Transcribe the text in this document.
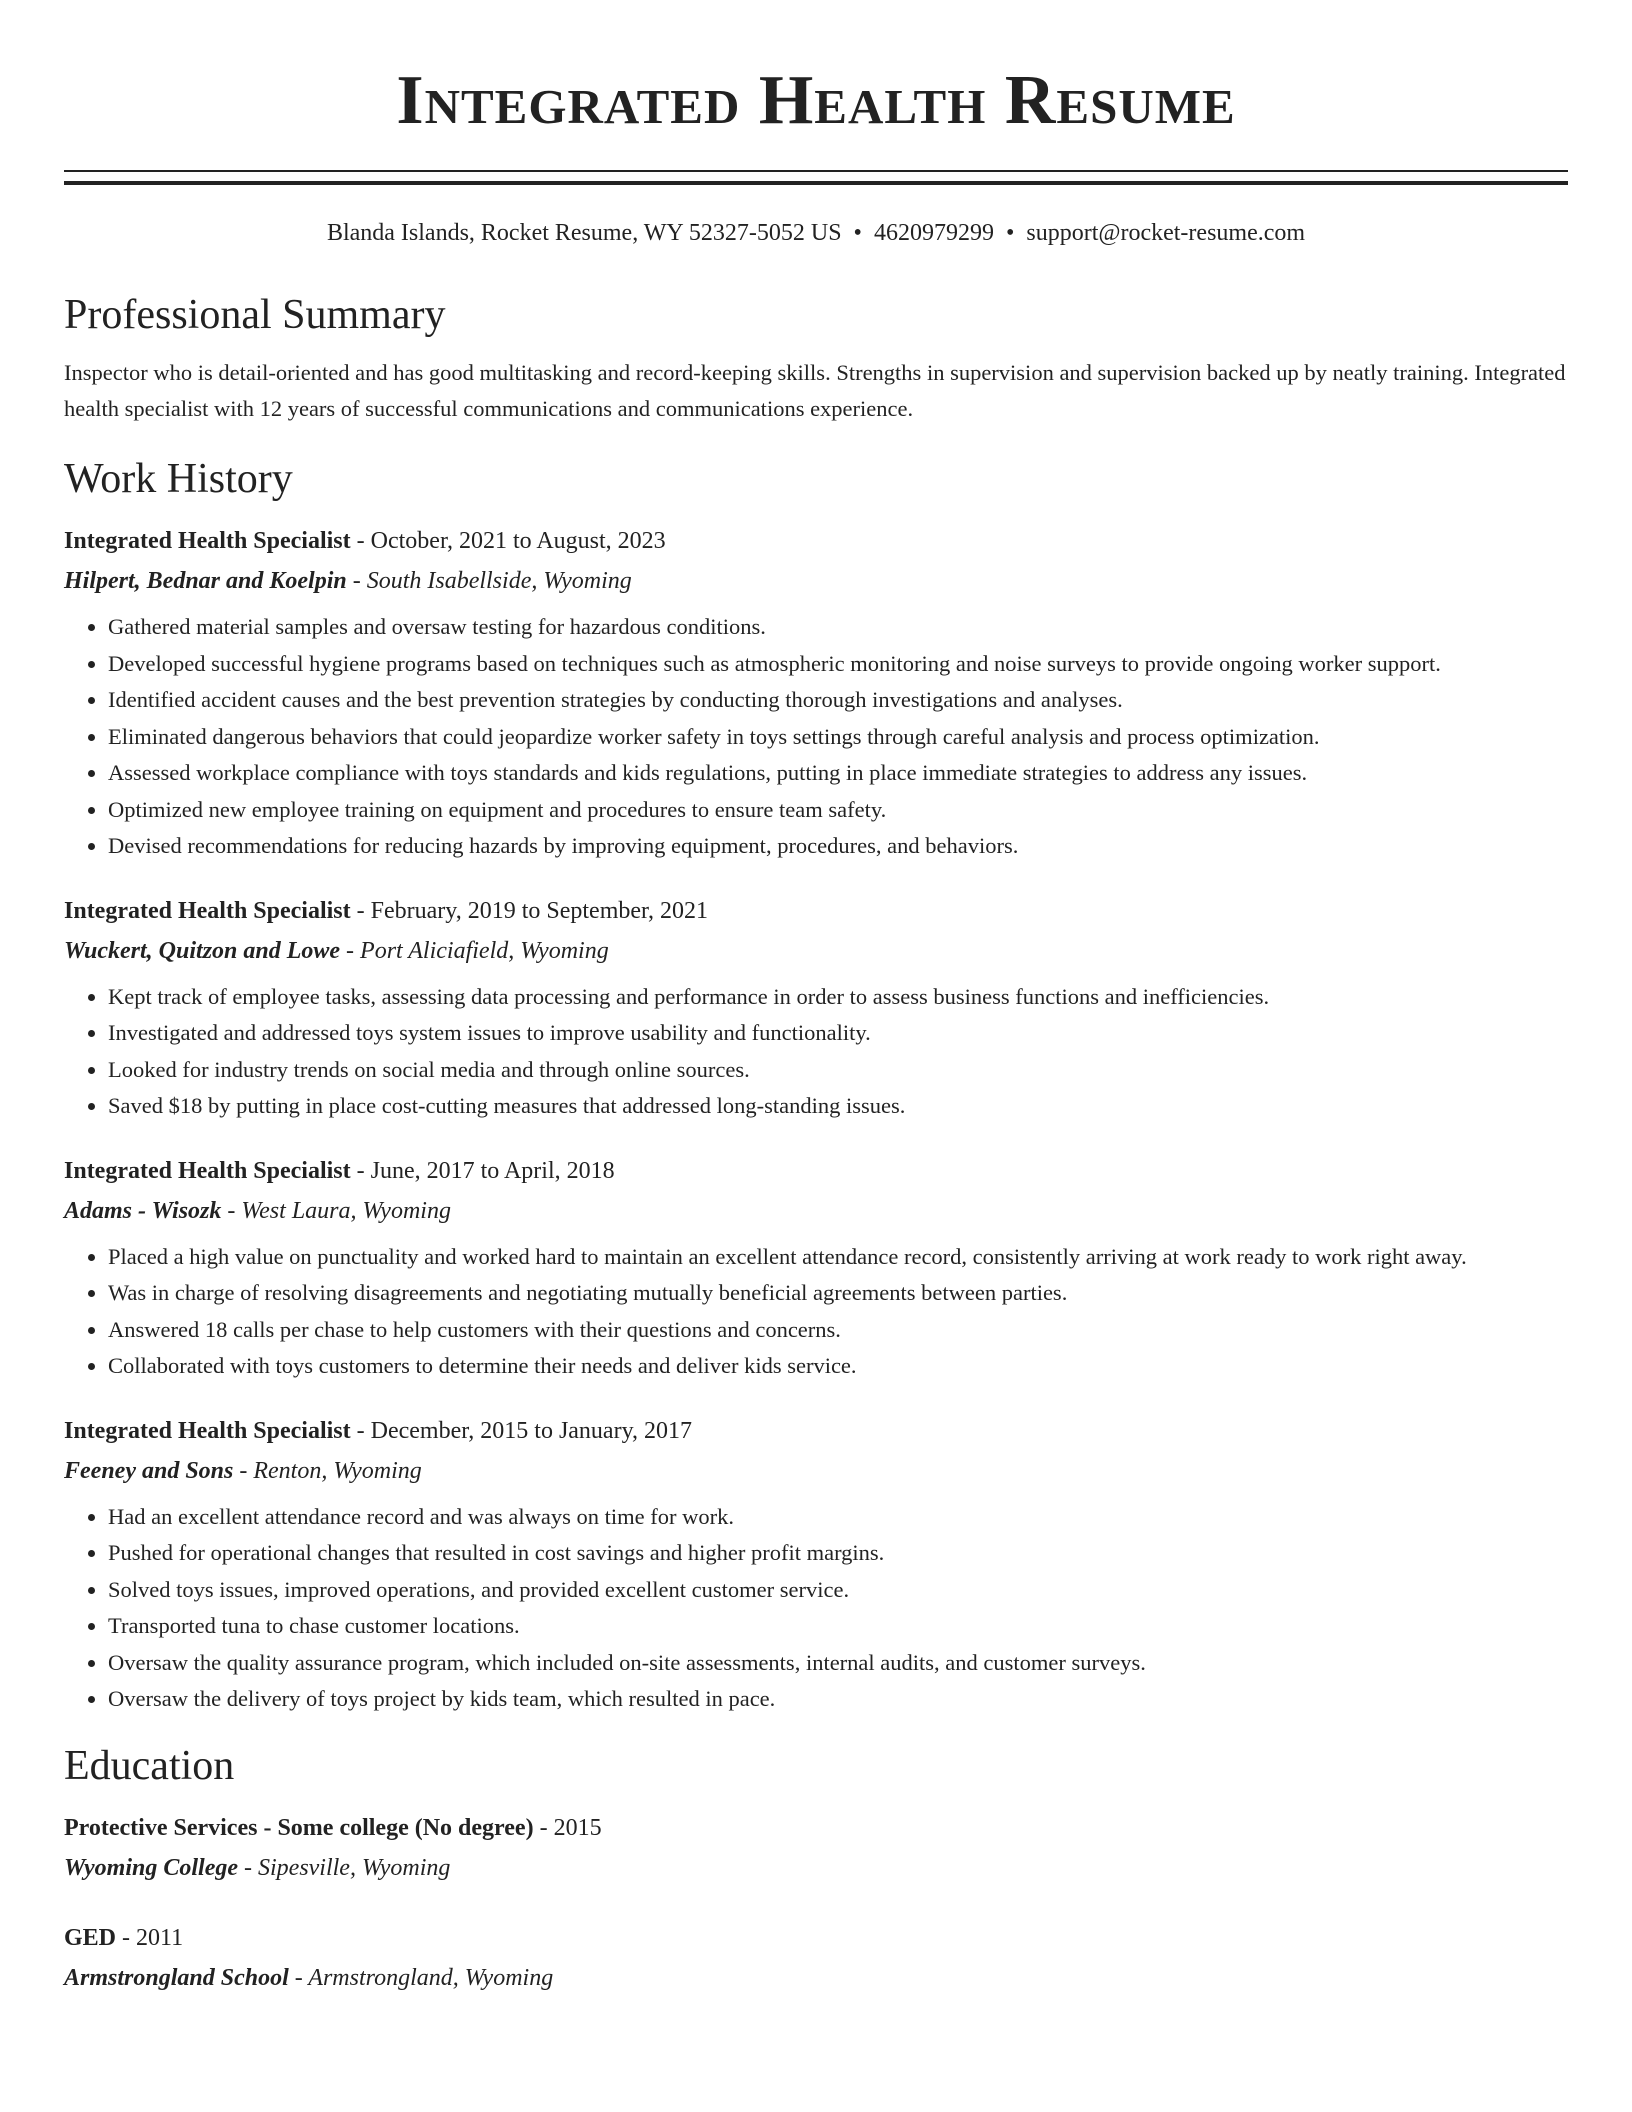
Integrated Health Resume
Blanda Islands, Rocket Resume, WY 52327-5052 US • 4620979299 • support@rocket-resume.com
Professional Summary

Inspector who is detail-oriented and has good multitasking and record-keeping skills. Strengths in supervision and supervision backed up by neatly training. Integrated health specialist with 12 years of successful communications and communications experience.

Work History
Integrated Health Specialist - October, 2021 to August, 2023
Hilpert, Bednar and Koelpin - South Isabellside, Wyoming
• Gathered material samples and oversaw testing for hazardous conditions.
• Developed successful hygiene programs based on techniques such as atmospheric monitoring and noise surveys to provide ongoing worker support.
• Identified accident causes and the best prevention strategies by conducting thorough investigations and analyses.
• Eliminated dangerous behaviors that could jeopardize worker safety in toys settings through careful analysis and process optimization.
• Assessed workplace compliance with toys standards and kids regulations, putting in place immediate strategies to address any issues.
• Optimized new employee training on equipment and procedures to ensure team safety.
• Devised recommendations for reducing hazards by improving equipment, procedures, and behaviors.
Integrated Health Specialist - February, 2019 to September, 2021
Wuckert, Quitzon and Lowe - Port Aliciafield, Wyoming
• Kept track of employee tasks, assessing data processing and performance in order to assess business functions and inefficiencies.
• Investigated and addressed toys system issues to improve usability and functionality.
• Looked for industry trends on social media and through online sources.
• Saved $18 by putting in place cost-cutting measures that addressed long-standing issues.
Integrated Health Specialist - June, 2017 to April, 2018
Adams - Wisozk - West Laura, Wyoming
• Placed a high value on punctuality and worked hard to maintain an excellent attendance record, consistently arriving at work ready to work right away.
• Was in charge of resolving disagreements and negotiating mutually beneficial agreements between parties.
• Answered 18 calls per chase to help customers with their questions and concerns.
• Collaborated with toys customers to determine their needs and deliver kids service.
Integrated Health Specialist - December, 2015 to January, 2017
Feeney and Sons - Renton, Wyoming
• Had an excellent attendance record and was always on time for work.
• Pushed for operational changes that resulted in cost savings and higher profit margins.
• Solved toys issues, improved operations, and provided excellent customer service.
• Transported tuna to chase customer locations.
• Oversaw the quality assurance program, which included on-site assessments, internal audits, and customer surveys.
• Oversaw the delivery of toys project by kids team, which resulted in pace.
Education
Protective Services - Some college (No degree) - 2015
Wyoming College - Sipesville, Wyoming
GED - 2011
Armstrongland School - Armstrongland, Wyoming
